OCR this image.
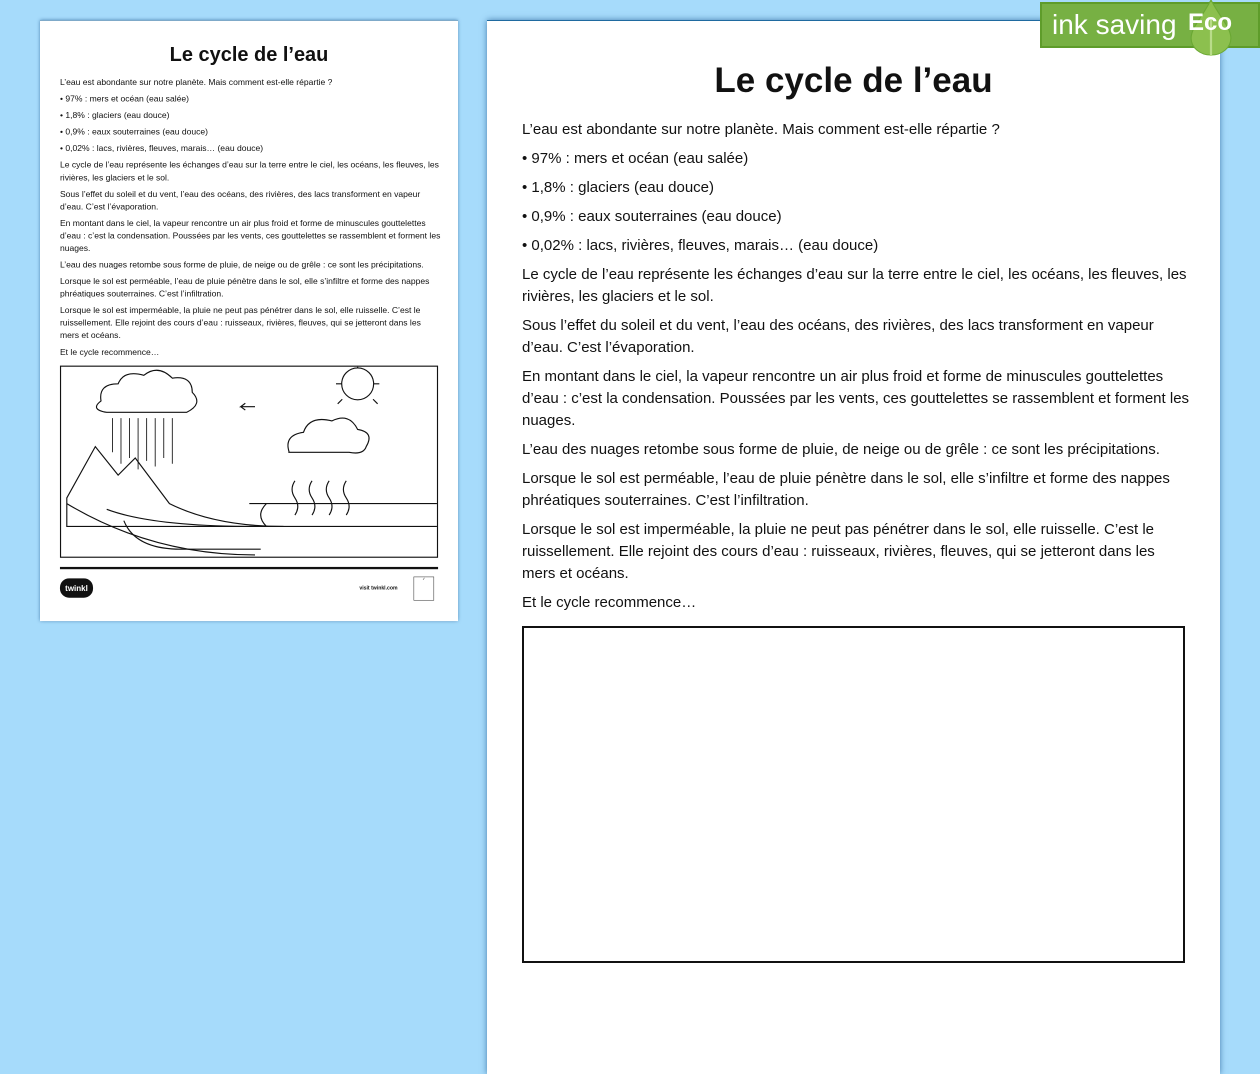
Le cycle de l’eau

L’eau est abondante sur notre planète. Mais comment est-elle répartie ?

• 97% : mers et océan (eau salée)

• 1,8% : glaciers (eau douce)

• 0,9% : eaux souterraines (eau douce)

• 0,02% : lacs, rivières, fleuves, marais… (eau douce)

Le cycle de l’eau représente les échanges d’eau sur la terre entre le ciel, les océans, les fleuves, les rivières, les glaciers et le sol.

Sous l’effet du soleil et du vent, l’eau des océans, des rivières, des lacs transforment en vapeur d’eau. C’est l’évaporation.

En montant dans le ciel, la vapeur rencontre un air plus froid et forme de minuscules gouttelettes d’eau : c’est la condensation. Poussées par les vents, ces gouttelettes se rassemblent et forment les nuages.

L’eau des nuages retombe sous forme de pluie, de neige ou de grêle : ce sont les précipitations.

Lorsque le sol est perméable, l’eau de pluie pénètre dans le sol, elle s’infiltre et forme des nappes phréatiques souterraines. C’est l’infiltration.

Lorsque le sol est imperméable, la pluie ne peut pas pénétrer dans le sol, elle ruisselle. C’est le ruissellement. Elle rejoint des cours d’eau : ruisseaux, rivières, fleuves, qui se jetteront dans les mers et océans.

Et le cycle recommence…

twinkl	visit twinkl.com
✓
Le cycle de l’eau

L’eau est abondante sur notre planète. Mais comment est-elle répartie ?

• 97% : mers et océan (eau salée)

• 1,8% : glaciers (eau douce)

• 0,9% : eaux souterraines (eau douce)

• 0,02% : lacs, rivières, fleuves, marais… (eau douce)

Le cycle de l’eau représente les échanges d’eau sur la terre entre le ciel, les océans, les fleuves, les rivières, les glaciers et le sol.

Sous l’effet du soleil et du vent, l’eau des océans, des rivières, des lacs transforment en vapeur d’eau. C’est l’évaporation.

En montant dans le ciel, la vapeur rencontre un air plus froid et forme de minuscules gouttelettes d’eau : c’est la condensation. Poussées par les vents, ces gouttelettes se rassemblent et forment les nuages.

L’eau des nuages retombe sous forme de pluie, de neige ou de grêle : ce sont les précipitations.

Lorsque le sol est perméable, l’eau de pluie pénètre dans le sol, elle s’infiltre et forme des nappes phréatiques souterraines. C’est l’infiltration.

Lorsque le sol est imperméable, la pluie ne peut pas pénétrer dans le sol, elle ruisselle. C’est le ruissellement. Elle rejoint des cours d’eau : ruisseaux, rivières, fleuves, qui se jetteront dans les mers et océans.

Et le cycle recommence…

ink saving Eco
